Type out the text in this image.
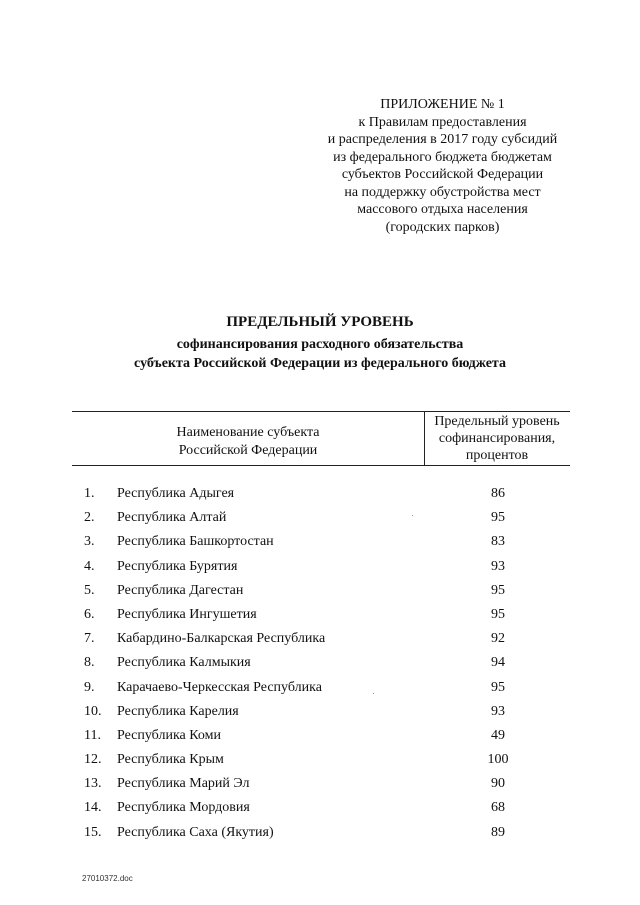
ПРИЛОЖЕНИЕ № 1
к Правилам предоставления
и распределения в 2017 году субсидий
из федерального бюджета бюджетам
субъектов Российской Федерации
на поддержку обустройства мест
массового отдыха населения
(городских парков)
ПРЕДЕЛЬНЫЙ УРОВЕНЬ
софинансирования расходного обязательства
субъекта Российской Федерации из федерального бюджета
Наименование субъекта
Российской Федерации
Предельный уровень
софинансирования,
процентов
1. Республика Адыгея	86
2. Республика Алтай	95
3. Республика Башкортостан	83
4. Республика Бурятия	93
5. Республика Дагестан	95
6. Республика Ингушетия	95
7. Кабардино-Балкарская Республика	92
8. Республика Калмыкия	94
9. Карачаево-Черкесская Республика	95
10. Республика Карелия	93
11. Республика Коми	49
12. Республика Крым	100
13. Республика Марий Эл	90
14. Республика Мордовия	68
15. Республика Саха (Якутия)	89
27010372.doc
